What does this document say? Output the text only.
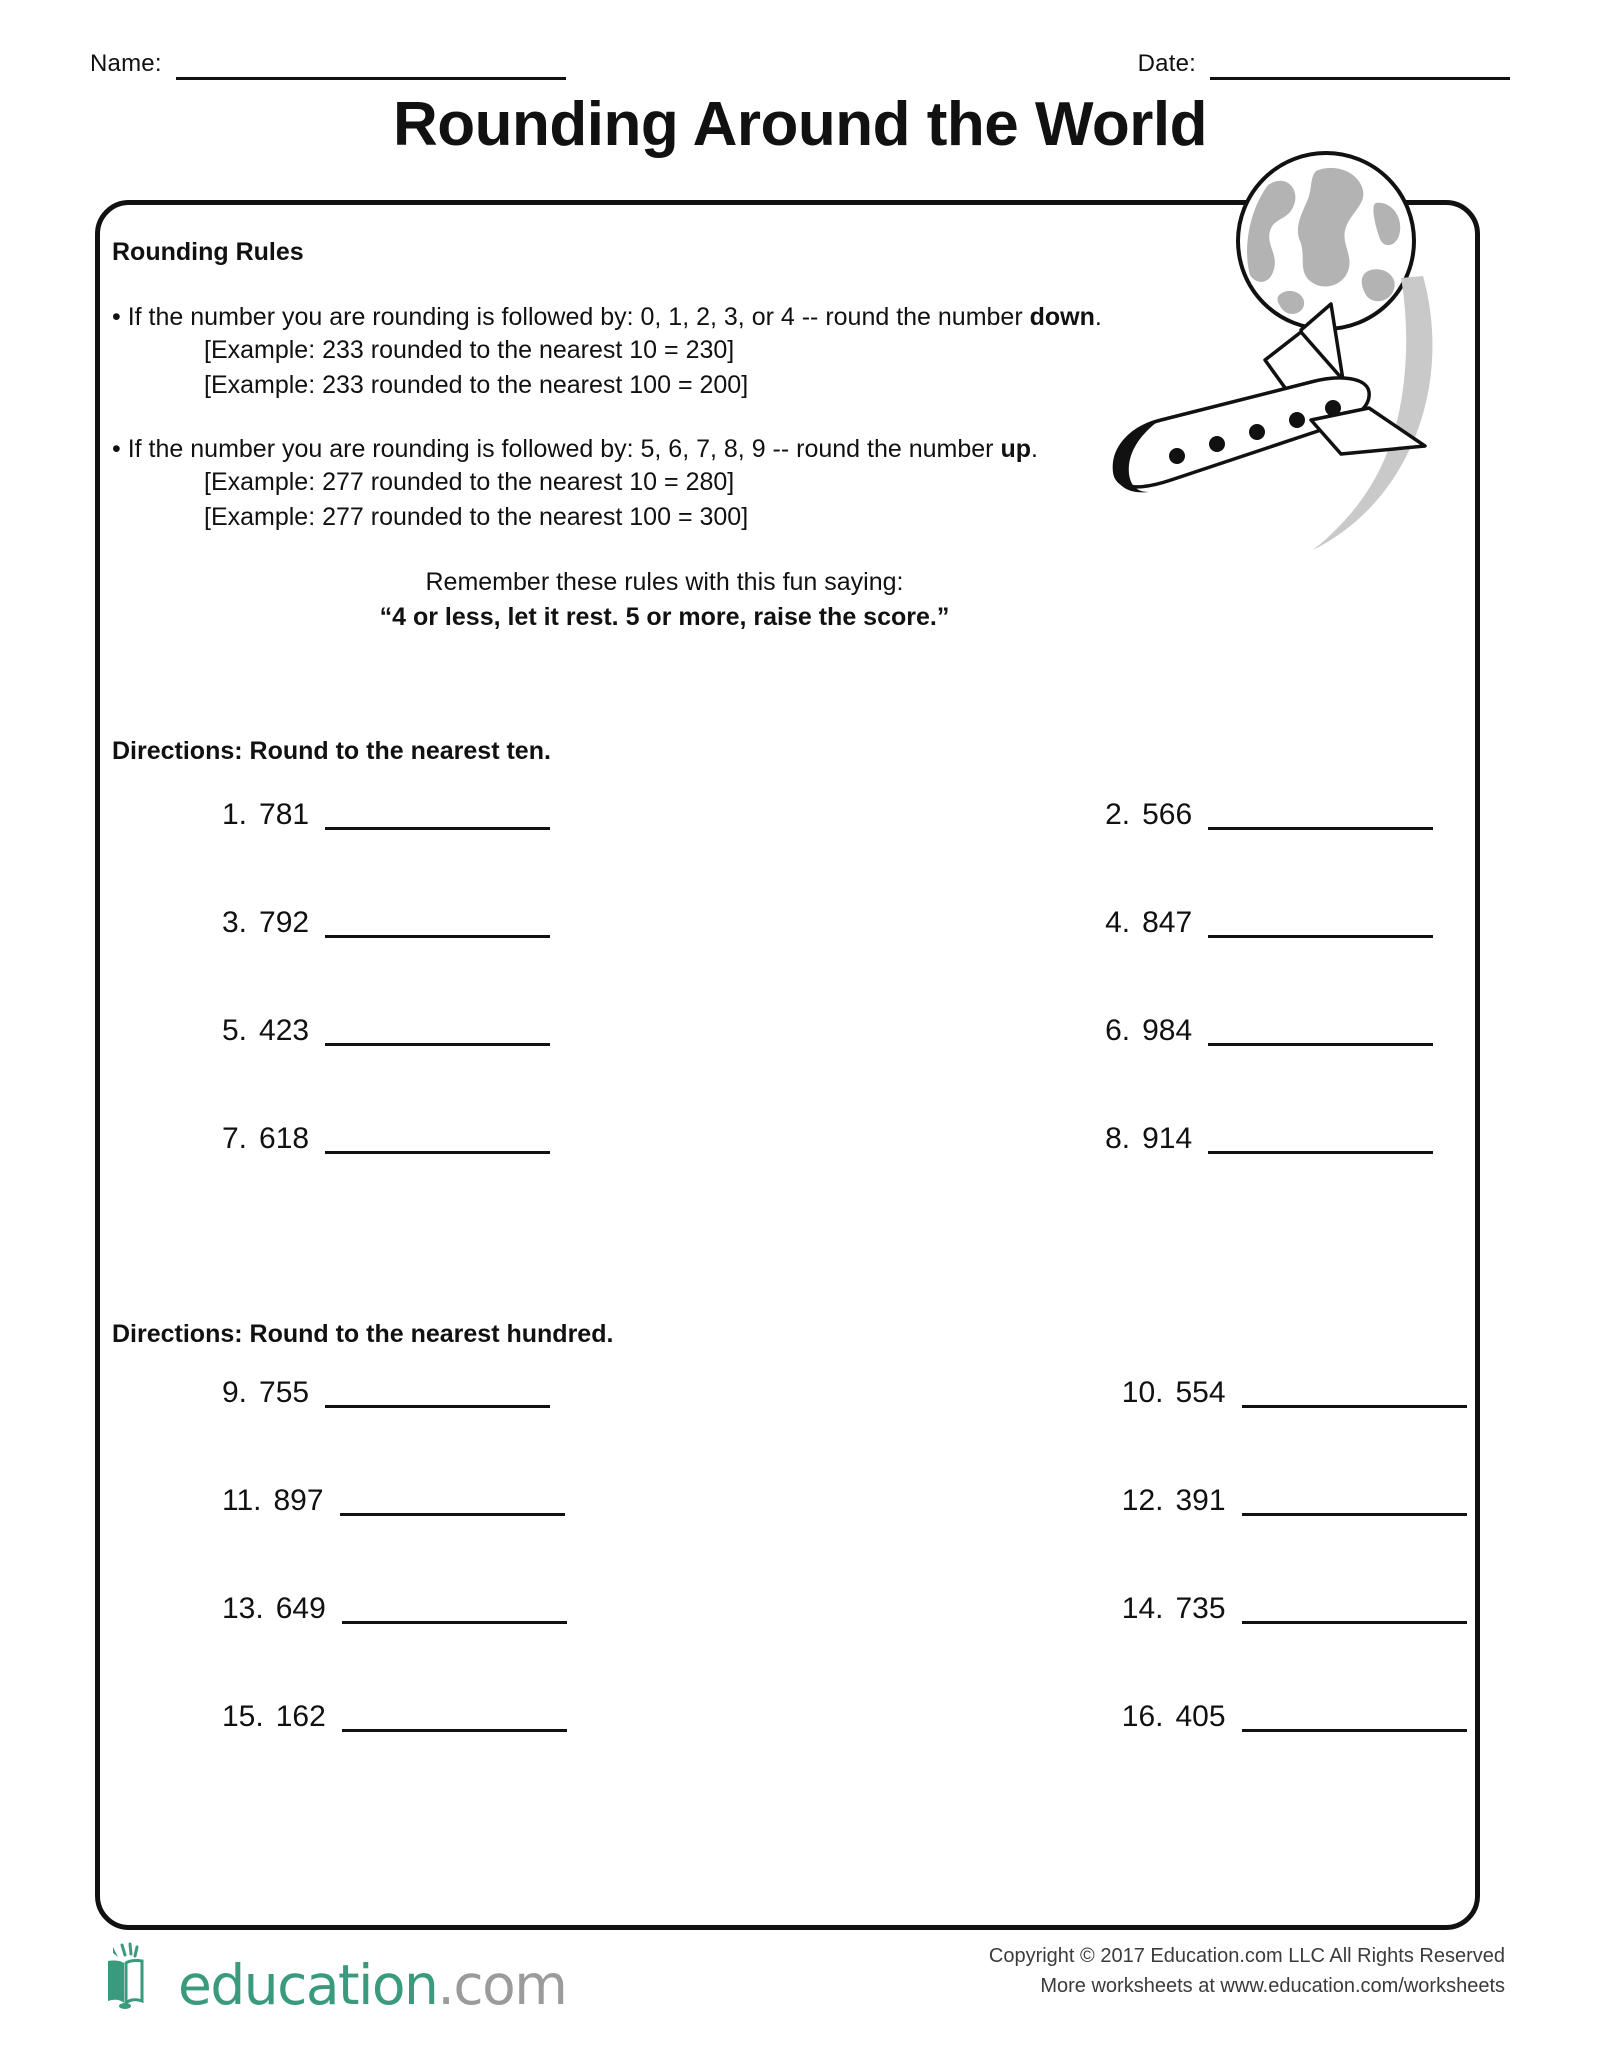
Name:	Date:
Rounding Around the World
Rounding Rules
• If the number you are rounding is followed by: 0, 1, 2, 3, or 4 -- round the number down.
[Example: 233 rounded to the nearest 10 = 230]
[Example: 233 rounded to the nearest 100 = 200]
• If the number you are rounding is followed by: 5, 6, 7, 8, 9 -- round the number up.
[Example: 277 rounded to the nearest 10 = 280]
[Example: 277 rounded to the nearest 100 = 300]
Remember these rules with this fun saying:
“4 or less, let it rest. 5 or more, raise the score.”
Directions: Round to the nearest ten.
1. 781	2. 566
3. 792	4. 847
5. 423	6. 984
7. 618	8. 914
Directions: Round to the nearest hundred.
9. 755	10. 554
11. 897	12. 391
13. 649	14. 735
15. 162	16. 405
education.com	Copyright © 2017 Education.com LLC All Rights Reserved
More worksheets at www.education.com/worksheets
